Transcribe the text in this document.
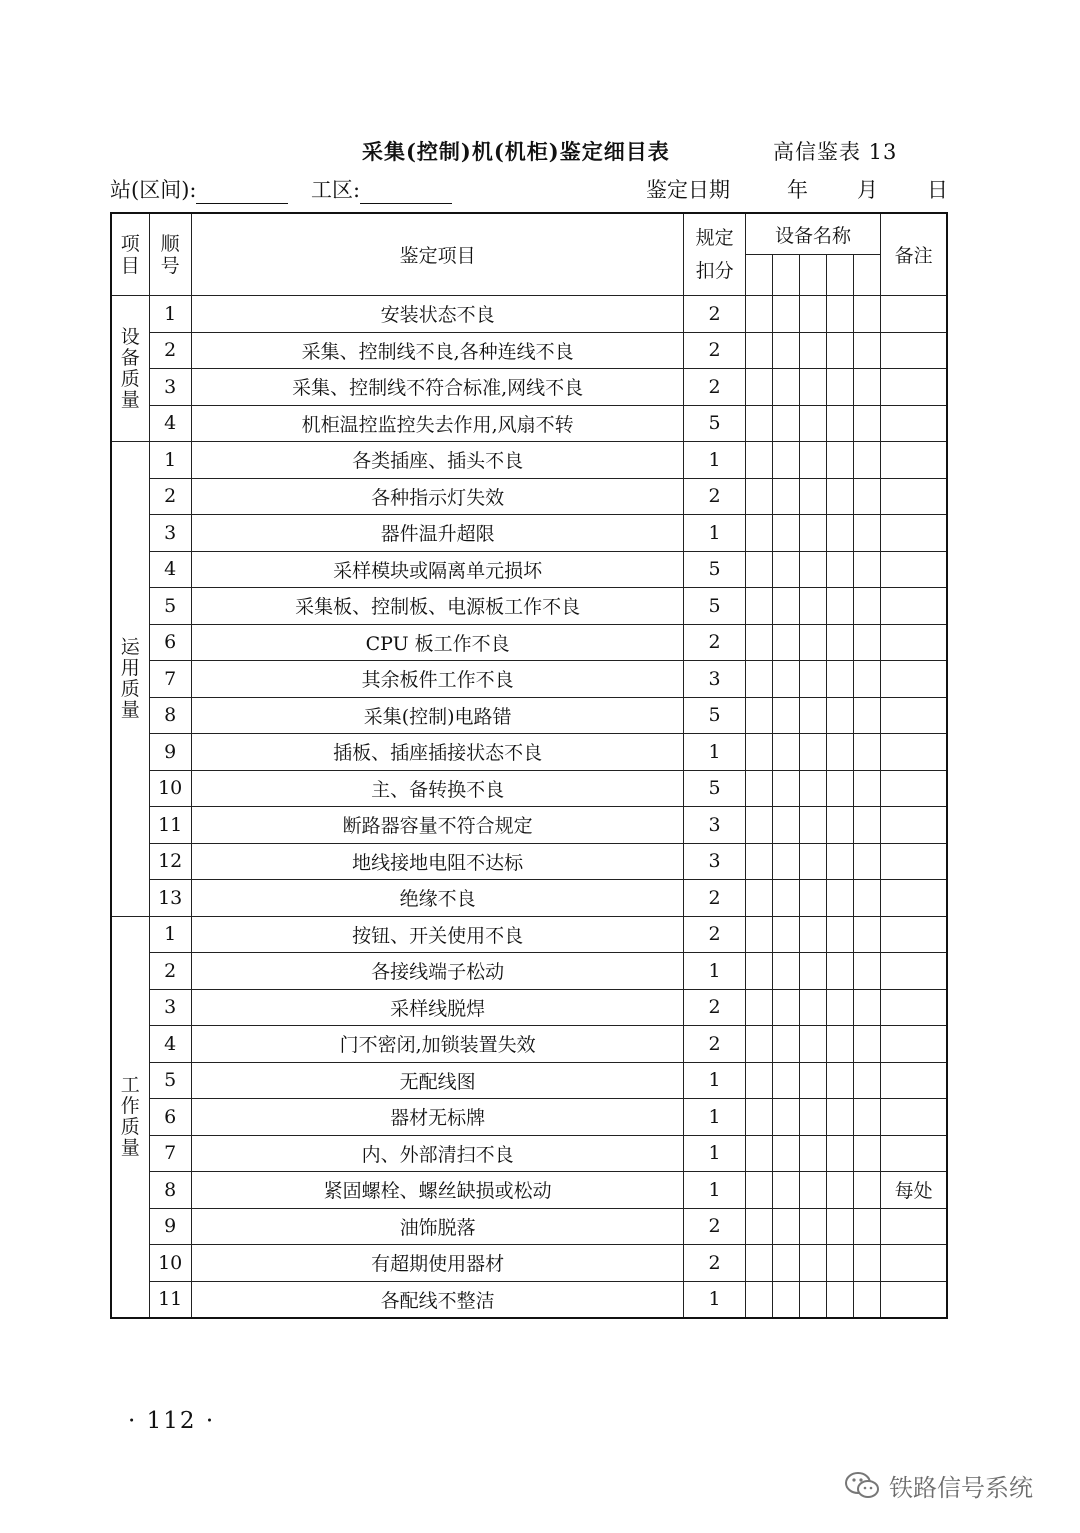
采集(控制)机(机柜)鉴定细目表	高信鉴表 13
站(区间):	工区:	鉴定日期	年 月 日
项目	顺号	鉴定项目	规定扣分	设备名称					备注

设备质量	1	安装状态不良	2						
	2	采集、控制线不良,各种连线不良	2						
	3	采集、控制线不符合标准,网线不良	2						
	4	机柜温控监控失去作用,风扇不转	5						
运用质量	1	各类插座、插头不良	1						
	2	各种指示灯失效	2						
	3	器件温升超限	1						
	4	采样模块或隔离单元损坏	5						
	5	采集板、控制板、电源板工作不良	5						
	6	CPU 板工作不良	2						
	7	其余板件工作不良	3						
	8	采集(控制)电路错	5						
	9	插板、插座插接状态不良	1						
	10	主、备转换不良	5						
	11	断路器容量不符合规定	3						
	12	地线接地电阻不达标	3						
	13	绝缘不良	2						
工作质量	1	按钮、开关使用不良	2						
	2	各接线端子松动	1						
	3	采样线脱焊	2						
	4	门不密闭,加锁装置失效	2						
	5	无配线图	1						
	6	器材无标牌	1						
	7	内、外部清扫不良	1						
	8	紧固螺栓、螺丝缺损或松动	1						每处
	9	油饰脱落	2						
	10	有超期使用器材	2						
	11	各配线不整洁	1						
· 112 ·
铁路信号系统
